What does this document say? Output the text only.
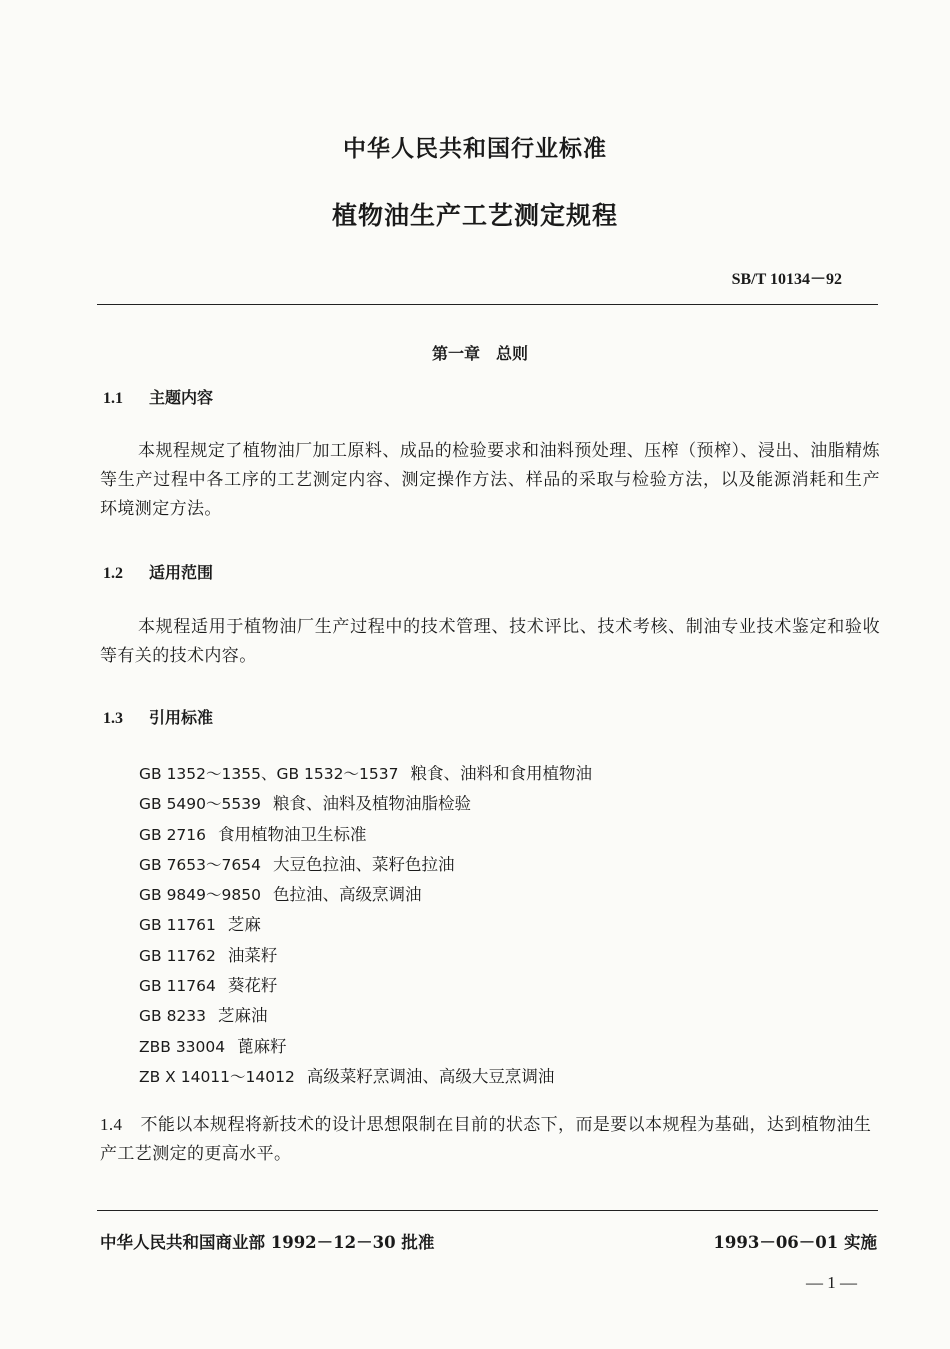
中华人民共和国行业标准
植物油生产工艺测定规程
SB/T 10134－92
第一章　总则
1.1 主题内容
本规程规定了植物油厂加工原料、成品的检验要求和油料预处理、压榨（预榨）、浸出、油脂精炼等生产过程中各工序的工艺测定内容、测定操作方法、样品的采取与检验方法，以及能源消耗和生产环境测定方法。
1.2 适用范围
本规程适用于植物油厂生产过程中的技术管理、技术评比、技术考核、制油专业技术鉴定和验收等有关的技术内容。
1.3 引用标准
GB 1352～1355、GB 1532～1537 粮食、油料和食用植物油
GB 5490～5539 粮食、油料及植物油脂检验
GB 2716 食用植物油卫生标准
GB 7653～7654 大豆色拉油、菜籽色拉油
GB 9849～9850 色拉油、高级烹调油
GB 11761 芝麻
GB 11762 油菜籽
GB 11764 葵花籽
GB 8233 芝麻油
ZBB 33004 蓖麻籽
ZB X 14011～14012 高级菜籽烹调油、高级大豆烹调油
1.4 不能以本规程将新技术的设计思想限制在目前的状态下，而是要以本规程为基础，达到植物油生产工艺测定的更高水平。
中华人民共和国商业部 1992－12－30 批准	1993－06－01 实施
— 1 —
